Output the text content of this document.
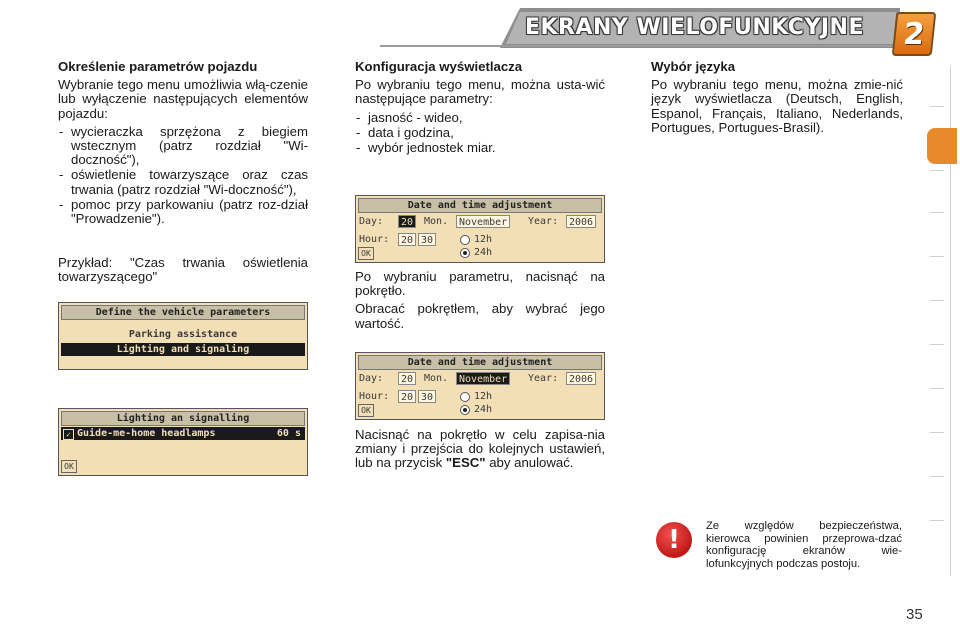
EKRANY WIELOFUNKCYJNE	2
Określenie parametrów pojazdu

Wybranie tego menu umożliwia włą-czenie lub wyłączenie następujących elementów pojazdu:

- wycieraczka sprzężona z biegiem wstecznym (patrz rozdział "Wi-doczność"),
- oświetlenie towarzyszące oraz czas trwania (patrz rozdział "Wi-doczność"),
- pomoc przy parkowaniu (patrz roz-dział "Prowadzenie").

Przykład: "Czas trwania oświetlenia towarzyszącego"

Define the vehicle parameters
Parking assistance
Lighting and signaling
Lighting an signalling
Guide-me-home headlamps
✓	60 s
OK
Konfiguracja wyświetlacza

Po wybraniu tego menu, można usta-wić następujące parametry:

- jasność - wideo,
- data i godzina,
- wybór jednostek miar.
Date and time adjustment
Day:	20	Mon.	November	Year:	2006
Hour:	20 30	12h
24h
OK

Po wybraniu parametru, nacisnąć na pokrętło.

Obracać pokrętłem, aby wybrać jego wartość.

Date and time adjustment
Day:	20	Mon.	November	Year:	2006
Hour:	20 30	12h
24h
OK

Nacisnąć na pokrętło w celu zapisa-nia zmiany i przejścia do kolejnych ustawień, lub na przycisk "ESC" aby anulować.

Wybór języka

Po wybraniu tego menu, można zmie-nić język wyświetlacza (Deutsch, English, Espanol, Français, Italiano, Nederlands, Portugues, Portugues-Brasil).

!	Ze względów bezpieczeństwa, kierowca powinien przeprowa-dzać konfigurację ekranów wie-lofunkcyjnych podczas postoju.
35
